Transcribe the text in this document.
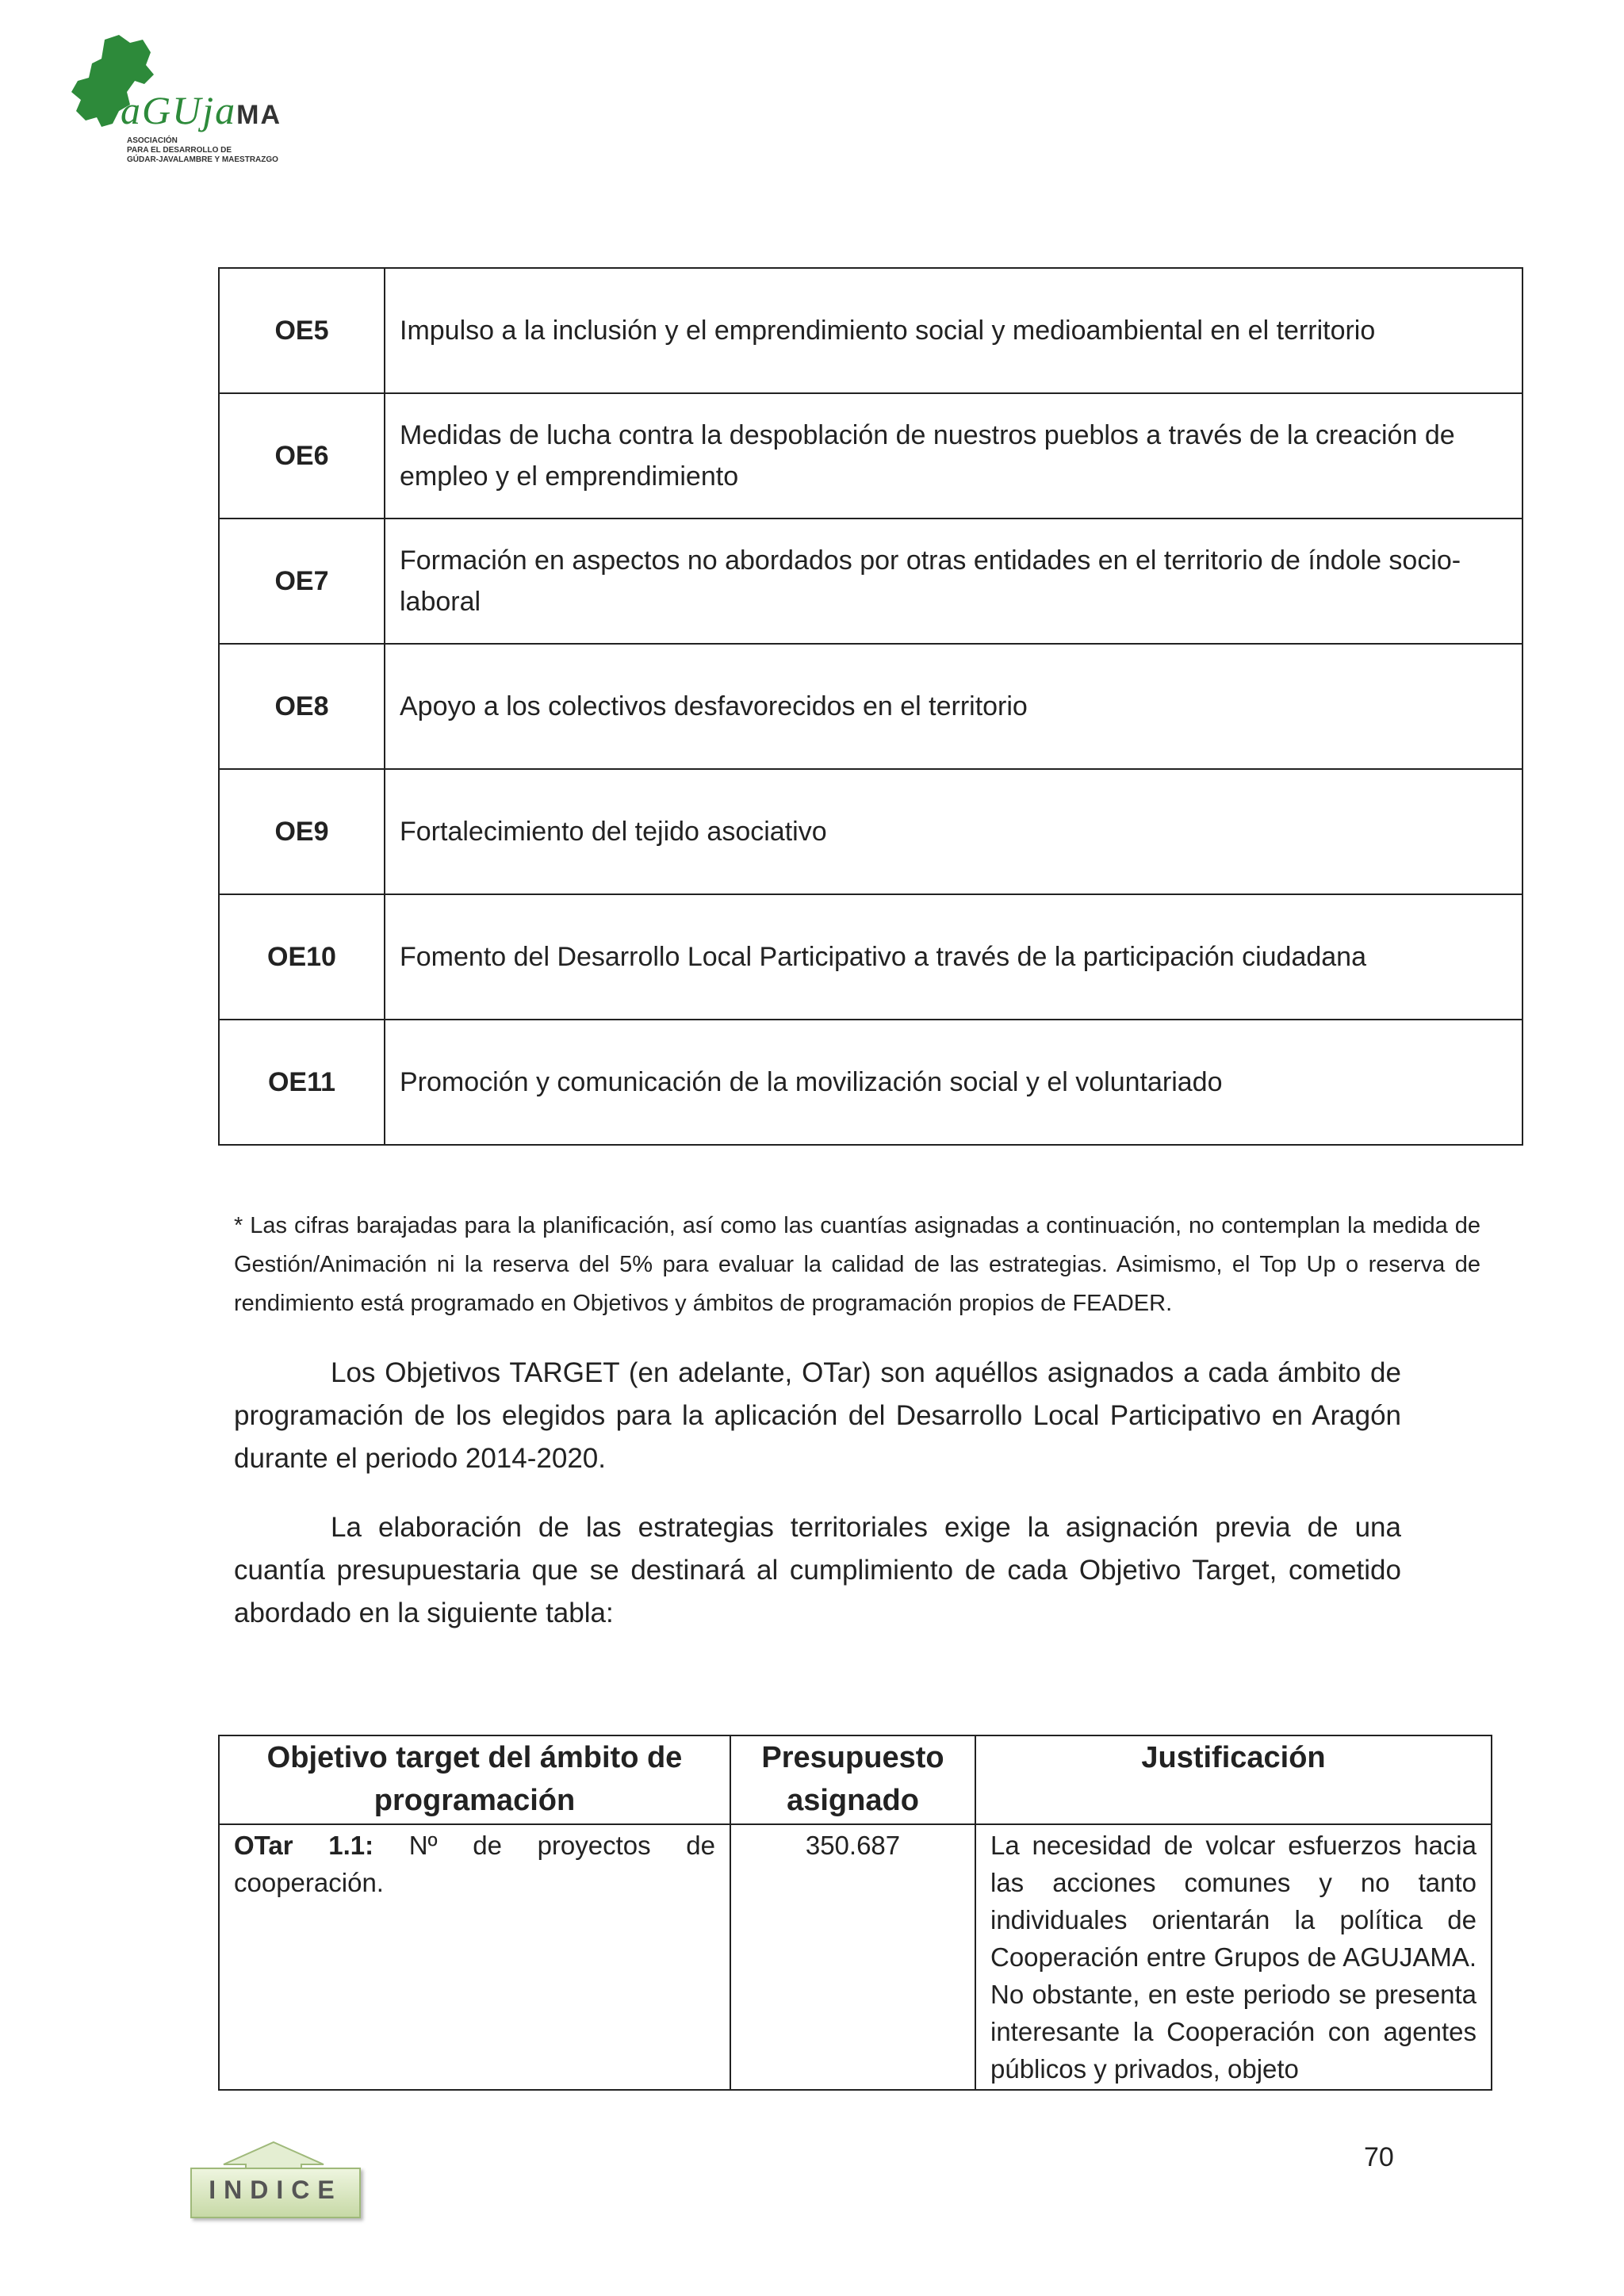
aGUjaMA
ASOCIACIÓN
PARA EL DESARROLLO DE
GÚDAR-JAVALAMBRE Y MAESTRAZGO
OE5	Impulso a la inclusión y el emprendimiento social y medioambiental en el territorio
OE6	Medidas de lucha contra la despoblación de nuestros pueblos a través de la creación de empleo y el emprendimiento
OE7	Formación en aspectos no abordados por otras entidades en el territorio de índole socio-laboral
OE8	Apoyo a los colectivos desfavorecidos en el territorio
OE9	Fortalecimiento del tejido asociativo
OE10	Fomento del Desarrollo Local Participativo a través de la participación ciudadana
OE11	Promoción y comunicación de la movilización social y el voluntariado
* Las cifras barajadas para la planificación, así como las cuantías asignadas a continuación, no contemplan la medida de Gestión/Animación ni la reserva del 5% para evaluar la calidad de las estrategias. Asimismo, el Top Up o reserva de rendimiento está programado en Objetivos y ámbitos de programación propios de FEADER.
Los Objetivos TARGET (en adelante, OTar) son aquéllos asignados a cada ámbito de programación de los elegidos para la aplicación del Desarrollo Local Participativo en Aragón durante el periodo 2014-2020.
La elaboración de las estrategias territoriales exige la asignación previa de una cuantía presupuestaria que se destinará al cumplimiento de cada Objetivo Target, cometido abordado en la siguiente tabla:
Objetivo target del ámbito de programación	Presupuesto asignado	Justificación
OTar 1.1: Nº de proyectos de cooperación.	350.687	La necesidad de volcar esfuerzos hacia las acciones comunes y no tanto individuales orientarán la política de Cooperación entre Grupos de AGUJAMA. No obstante, en este periodo se presenta interesante la Cooperación con agentes públicos y privados, objeto
INDICE
70
